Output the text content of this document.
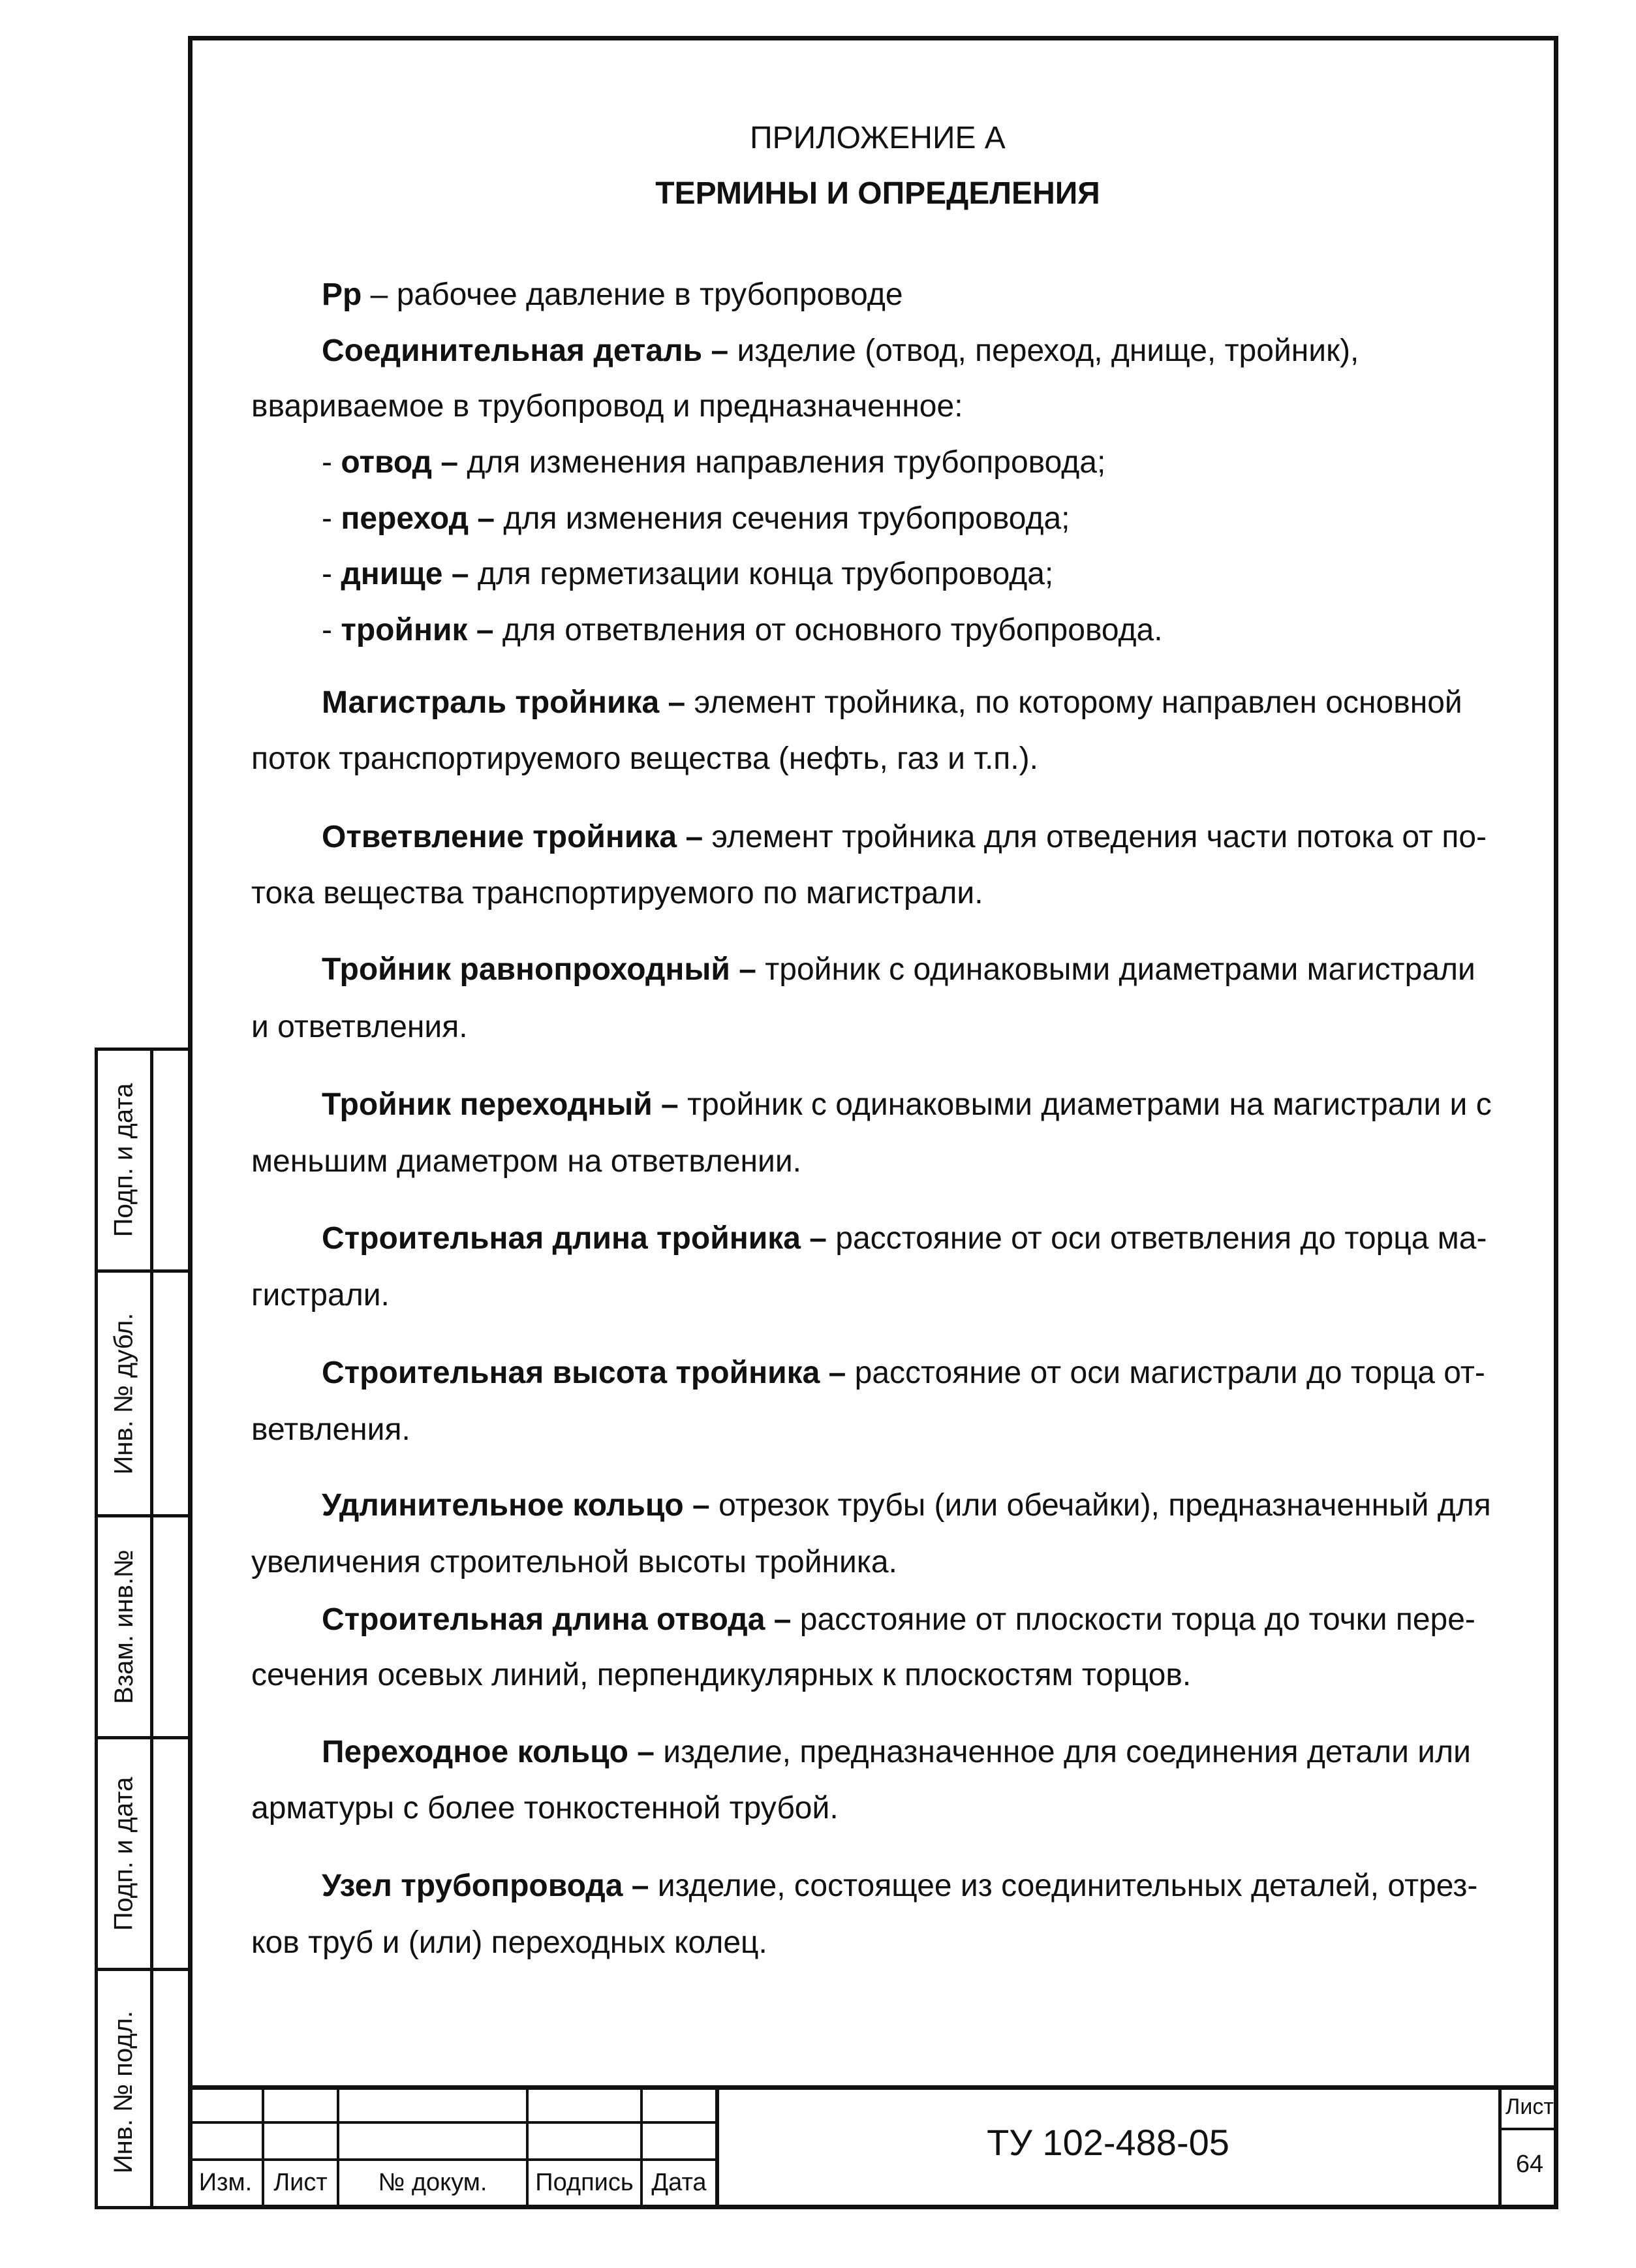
ПРИЛОЖЕНИЕ А
ТЕРМИНЫ И ОПРЕДЕЛЕНИЯ
Рр – рабочее давление в трубопроводе
Соединительная деталь – изделие (отвод, переход, днище, тройник),
ввариваемое в трубопровод и предназначенное:
- отвод – для изменения направления трубопровода;
- переход – для изменения сечения трубопровода;
- днище – для герметизации конца трубопровода;
- тройник – для ответвления от основного трубопровода.
Магистраль тройника – элемент тройника, по которому направлен основной
поток транспортируемого вещества (нефть, газ и т.п.).
Ответвление тройника – элемент тройника для отведения части потока от по-
тока вещества транспортируемого по магистрали.
Тройник равнопроходный – тройник с одинаковыми диаметрами магистрали
и ответвления.
Тройник переходный – тройник с одинаковыми диаметрами на магистрали и с
меньшим диаметром на ответвлении.
Строительная длина тройника – расстояние от оси ответвления до торца ма-
гистрали.
Строительная высота тройника – расстояние от оси магистрали до торца от-
ветвления.
Удлинительное кольцо – отрезок трубы (или обечайки), предназначенный для
увеличения строительной высоты тройника.
Строительная длина отвода – расстояние от плоскости торца до точки пере-
сечения осевых линий, перпендикулярных к плоскостям торцов.
Переходное кольцо – изделие, предназначенное для соединения детали или
арматуры с более тонкостенной трубой.
Узел трубопровода – изделие, состоящее из соединительных деталей, отрез-
ков труб и (или) переходных колец.
Подп. и дата
Инв. № дубл.
Взам. инв.№
Подп. и дата
Инв. № подл.
Изм. Лист	№ докум.	Подпись Дата
ТУ 102-488-05
Лист
64
